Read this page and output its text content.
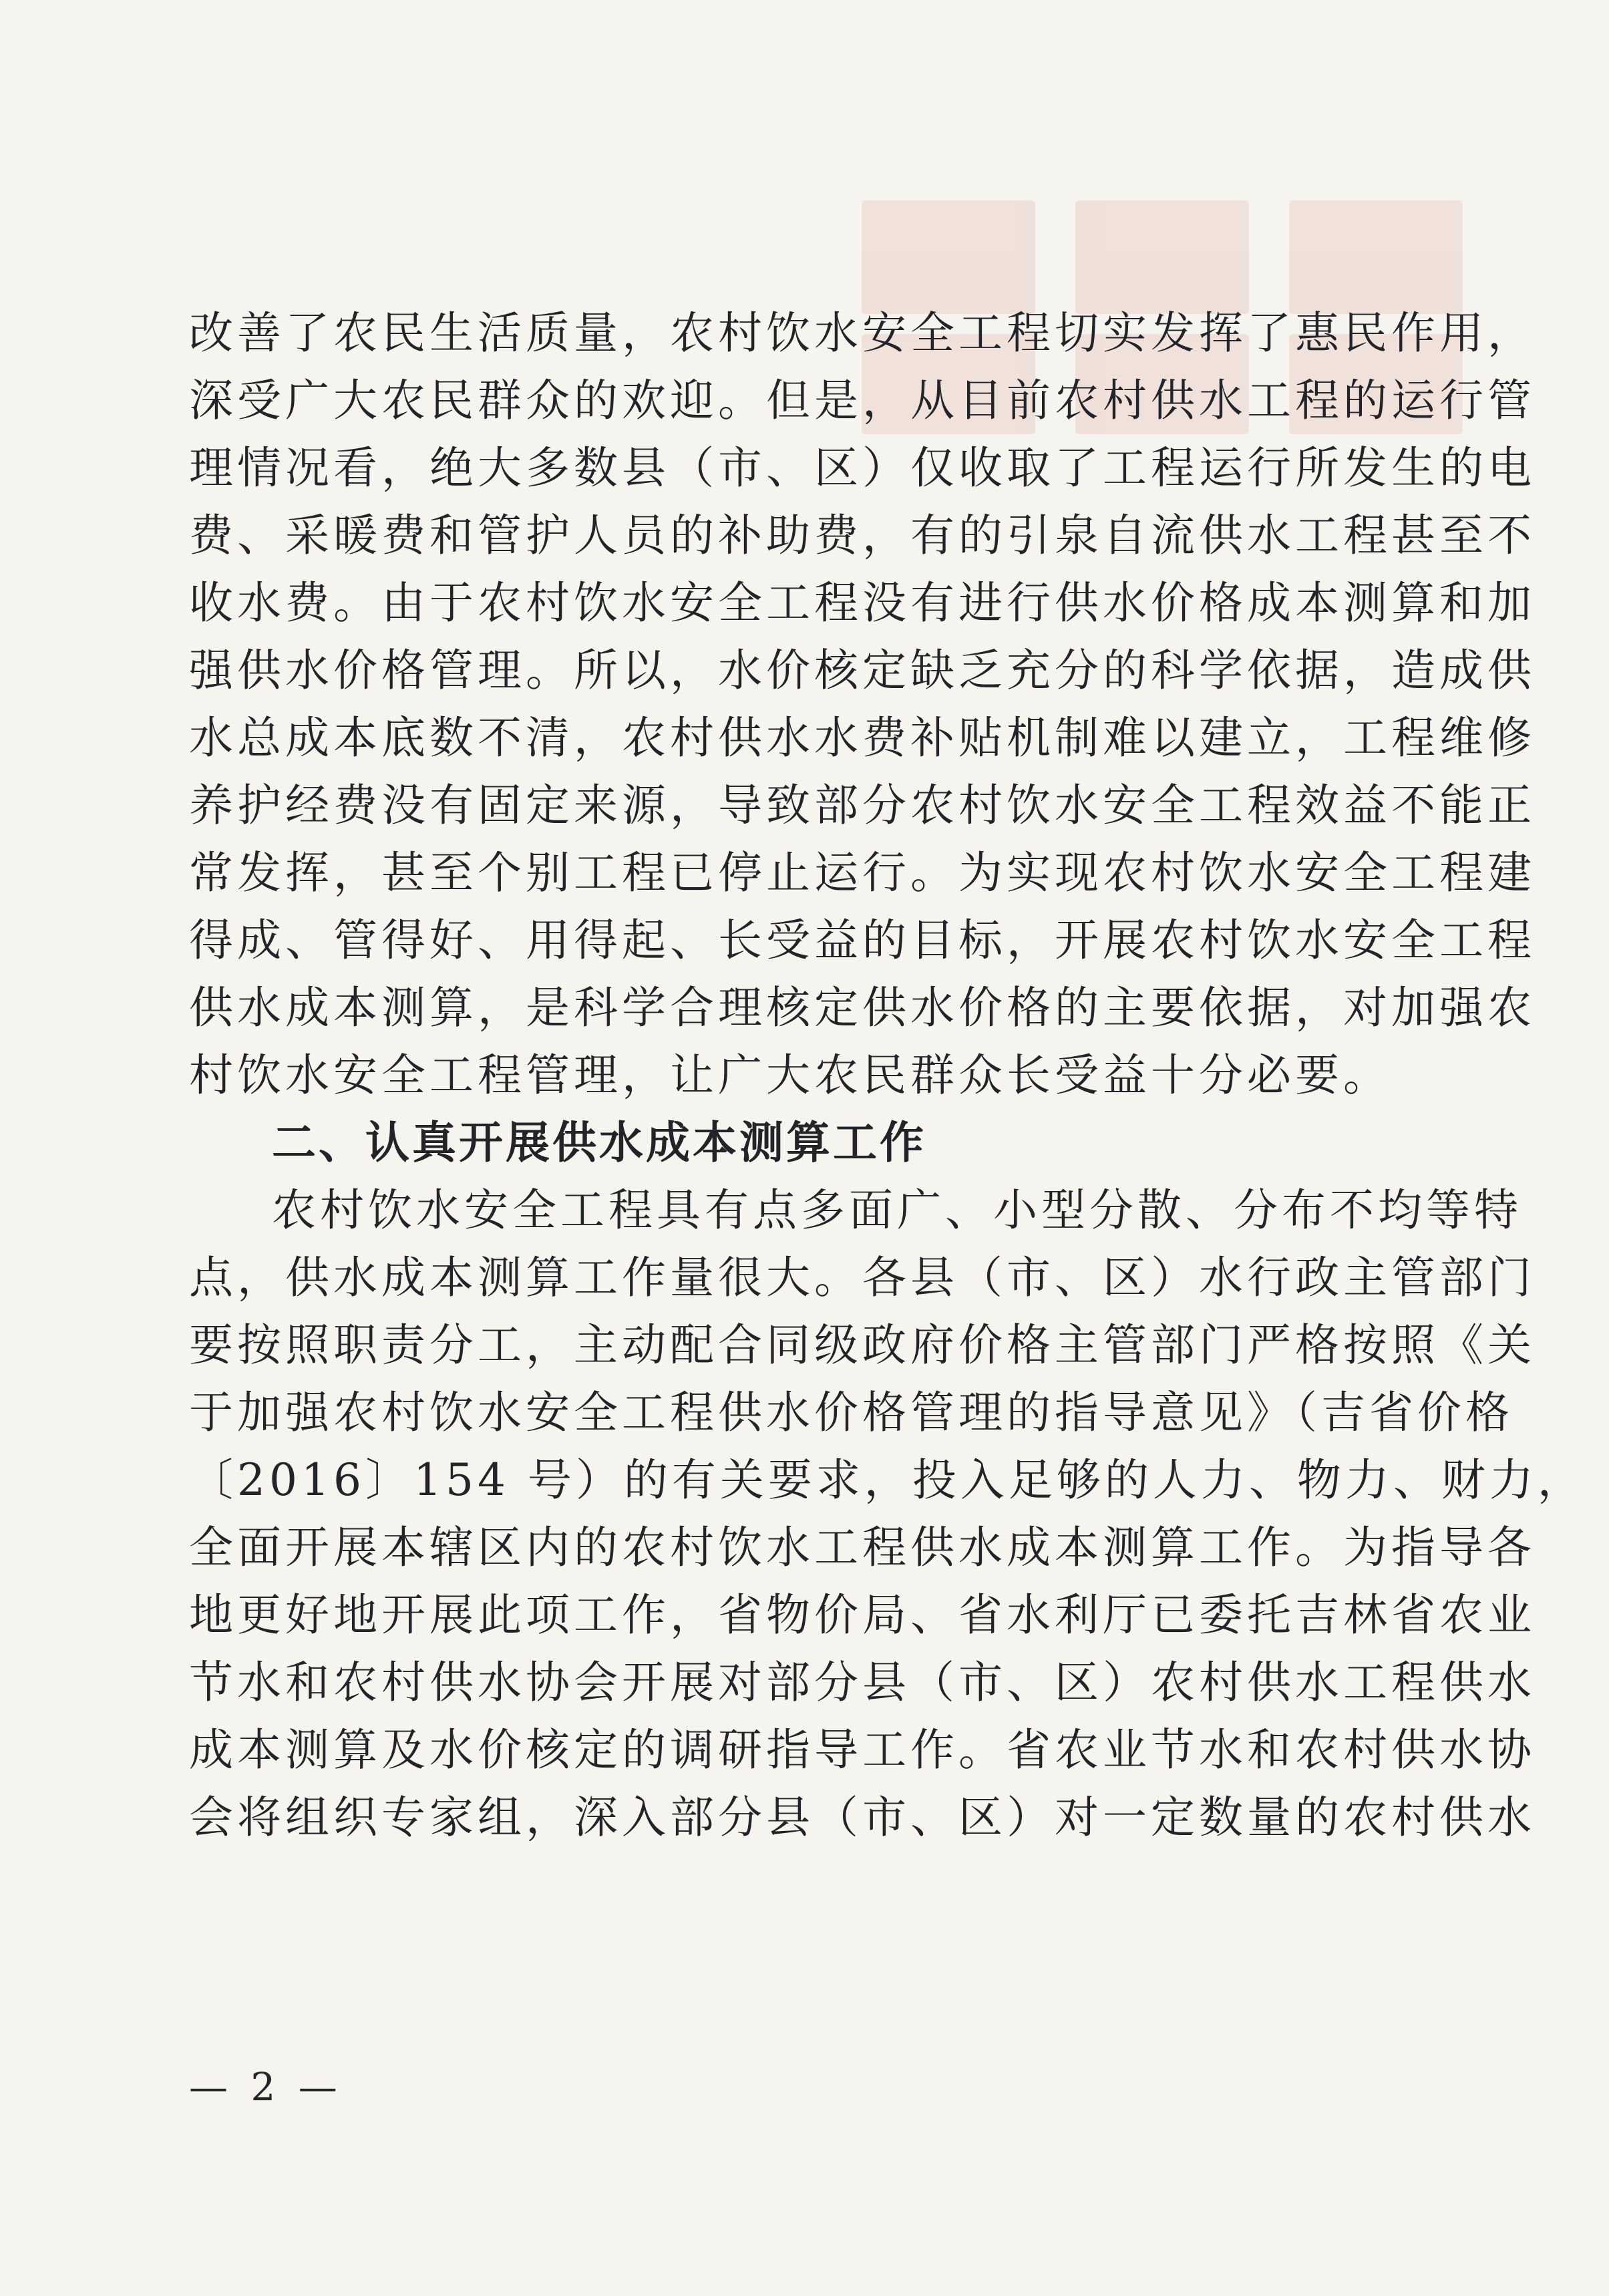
改善了农民生活质量，农村饮水安全工程切实发挥了惠民作用，
深受广大农民群众的欢迎。但是，从目前农村供水工程的运行管
理情况看，绝大多数县（市、区）仅收取了工程运行所发生的电
费、采暖费和管护人员的补助费，有的引泉自流供水工程甚至不
收水费。由于农村饮水安全工程没有进行供水价格成本测算和加
强供水价格管理。所以，水价核定缺乏充分的科学依据，造成供
水总成本底数不清，农村供水水费补贴机制难以建立，工程维修
养护经费没有固定来源，导致部分农村饮水安全工程效益不能正
常发挥，甚至个别工程已停止运行。为实现农村饮水安全工程建
得成、管得好、用得起、长受益的目标，开展农村饮水安全工程
供水成本测算，是科学合理核定供水价格的主要依据，对加强农
村饮水安全工程管理，让广大农民群众长受益十分必要。
二、认真开展供水成本测算工作
农村饮水安全工程具有点多面广、小型分散、分布不均等特
点，供水成本测算工作量很大。各县（市、区）水行政主管部门
要按照职责分工，主动配合同级政府价格主管部门严格按照《关
于加强农村饮水安全工程供水价格管理的指导意见》（吉省价格
〔2016〕154 号）的有关要求，投入足够的人力、物力、财力，
全面开展本辖区内的农村饮水工程供水成本测算工作。为指导各
地更好地开展此项工作，省物价局、省水利厅已委托吉林省农业
节水和农村供水协会开展对部分县（市、区）农村供水工程供水
成本测算及水价核定的调研指导工作。省农业节水和农村供水协
会将组织专家组，深入部分县（市、区）对一定数量的农村供水
— 2 —
